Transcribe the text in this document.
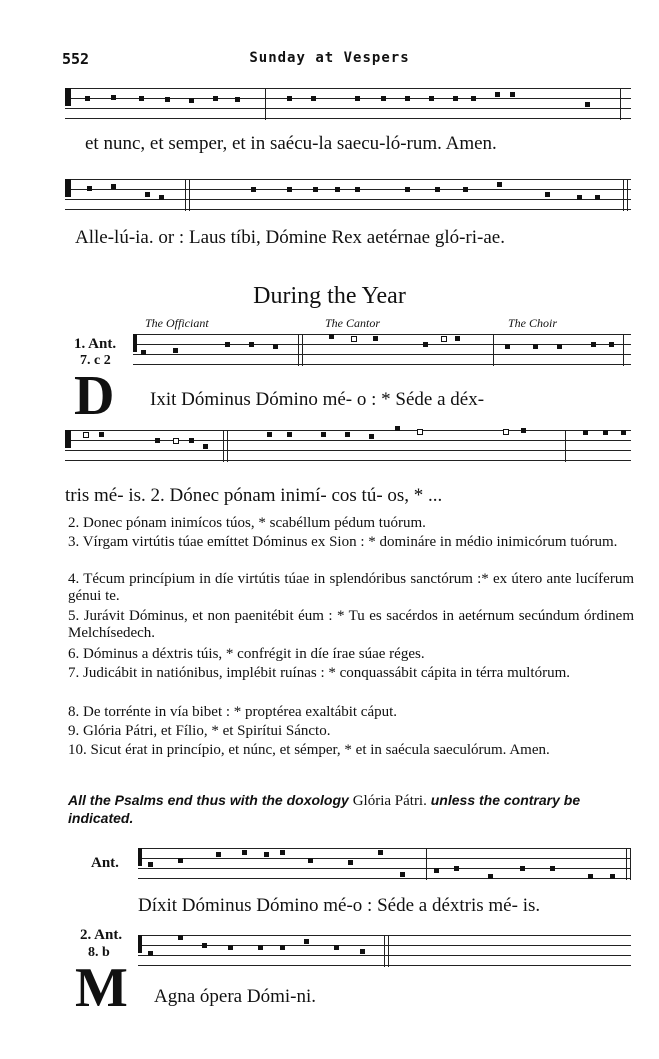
552	Sunday at Vespers
et nunc, et semper, et in saécu-la saecu-ló-rum. Amen.
Alle-lú-ia. or : Laus tíbi, Dómine Rex aetérnae gló-ri-ae.
During the Year
The Officiant	The Cantor	The Choir
1. Ant.
7. c 2
D Ixit Dóminus Dómino mé- o : * Séde a déx-
tris mé- is. 2. Dónec pónam inimí- cos tú- os, * ...
2. Donec pónam inimícos túos, * scabéllum pédum tuórum.
3. Vírgam virtútis túae emíttet Dóminus ex Sion : * domináre in médio inimicórum tuórum.
4. Técum princípium in díe virtútis túae in splendóribus sanctórum :* ex útero ante lucíferum génui te.
5. Jurávit Dóminus, et non paenitébit éum : * Tu es sacérdos in aetérnum secúndum órdinem Melchísedech.
6. Dóminus a déxtris túis, * confrégit in díe írae súae réges.
7. Judicábit in natiónibus, implébit ruínas : * conquassábit cápita in térra multórum.
8. De torrénte in vía bibet : * proptérea exaltábit cáput.
9. Glória Pátri, et Fílio, * et Spirítui Sáncto.
10. Sicut érat in princípio, et núnc, et sémper, * et in saécula saeculórum. Amen.
All the Psalms end thus with the doxology Glória Pátri. unless the contrary be indicated.
Ant.
Díxit Dóminus Dómino mé-o : Séde a déxtris mé- is.
2. Ant.
8. b
M Agna ópera Dómi-ni.
